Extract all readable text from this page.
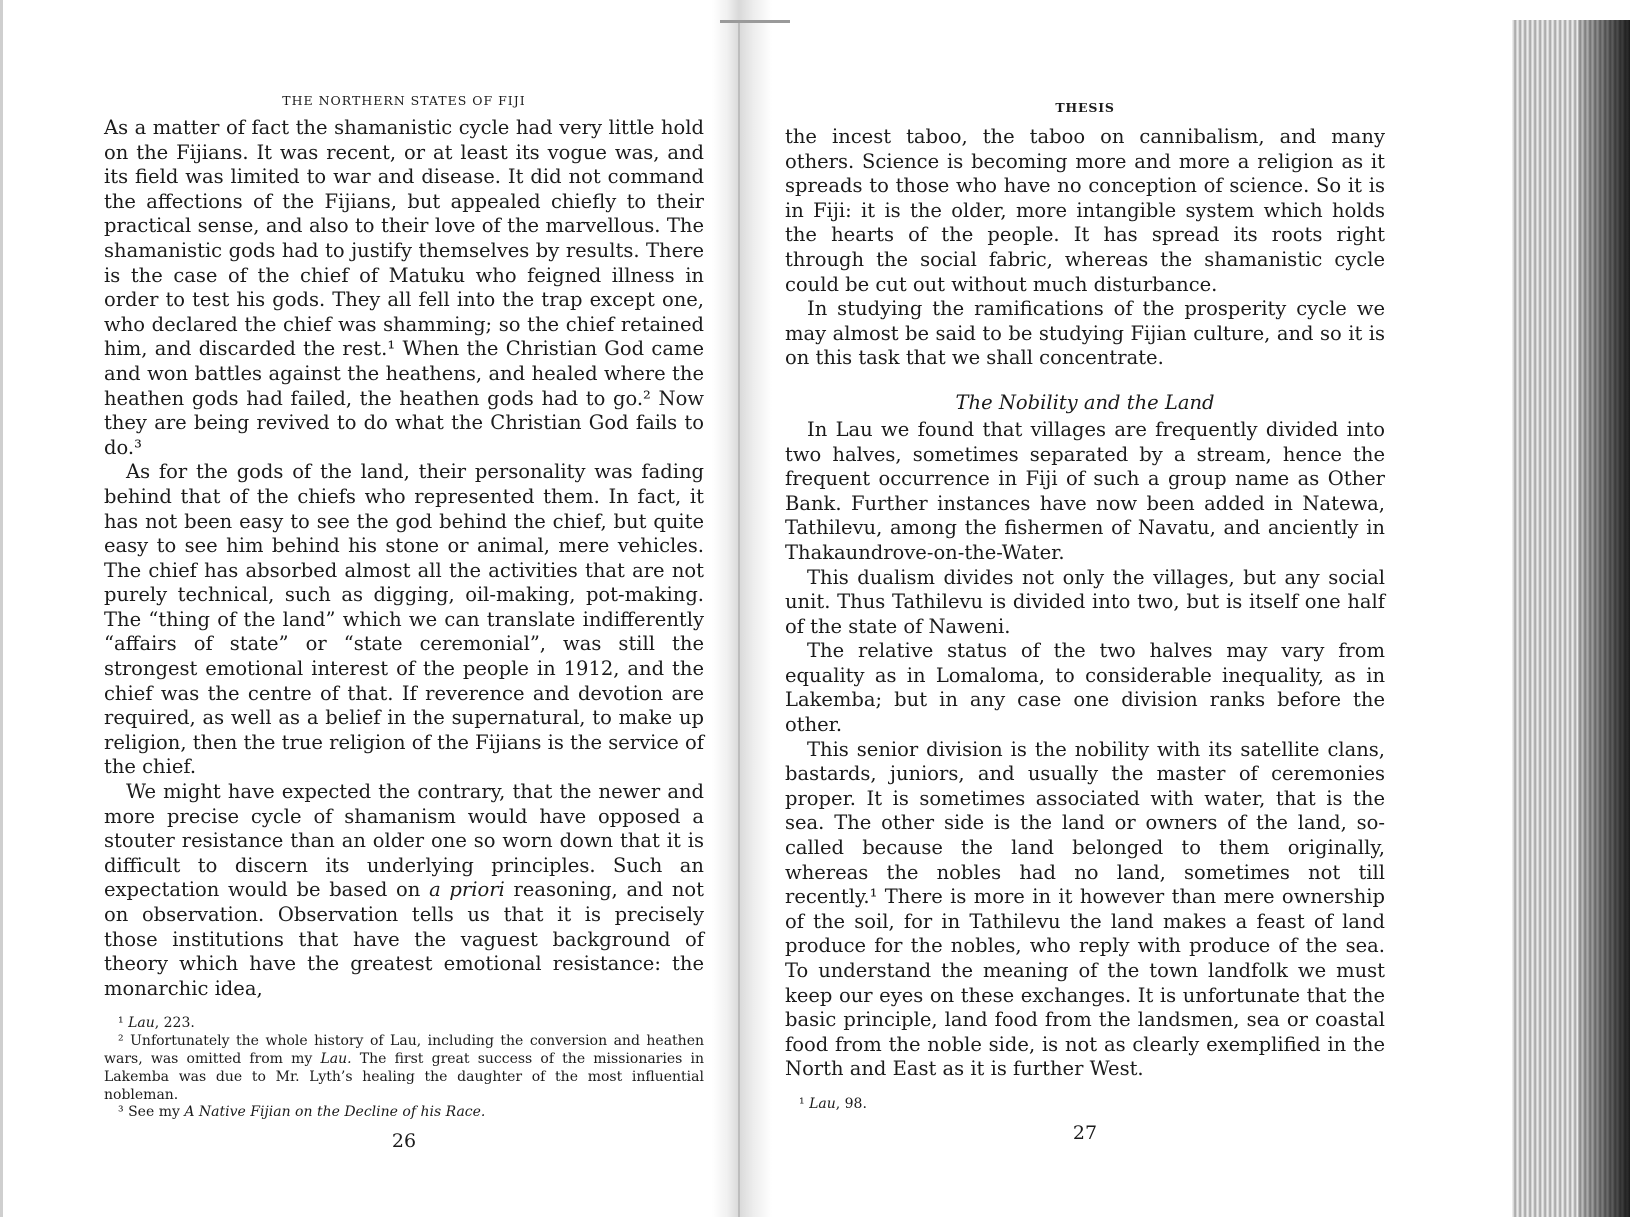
THE NORTHERN STATES OF FIJI

As a matter of fact the shamanistic cycle had very little hold on the Fijians. It was recent, or at least its vogue was, and its field was limited to war and disease. It did not command the affections of the Fijians, but appealed chiefly to their practical sense, and also to their love of the marvellous. The shamanistic gods had to justify themselves by results. There is the case of the chief of Matuku who feigned illness in order to test his gods. They all fell into the trap except one, who declared the chief was shamming; so the chief retained him, and discarded the rest.¹ When the Christian God came and won battles against the heathens, and healed where the heathen gods had failed, the heathen gods had to go.² Now they are being revived to do what the Christian God fails to do.³

As for the gods of the land, their personality was fading behind that of the chiefs who represented them. In fact, it has not been easy to see the god behind the chief, but quite easy to see him behind his stone or animal, mere vehicles. The chief has absorbed almost all the activities that are not purely technical, such as digging, oil-making, pot-making. The “thing of the land” which we can translate indifferently “affairs of state” or “state ceremonial”, was still the strongest emotional interest of the people in 1912, and the chief was the centre of that. If reverence and devotion are required, as well as a belief in the supernatural, to make up religion, then the true religion of the Fijians is the service of the chief.

We might have expected the contrary, that the newer and more precise cycle of shamanism would have opposed a stouter resistance than an older one so worn down that it is difficult to discern its underlying principles. Such an expectation would be based on a priori reasoning, and not on observation. Observation tells us that it is precisely those institutions that have the vaguest background of theory which have the greatest emotional resistance: the monarchic idea,

¹ Lau, 223.

² Unfortunately the whole history of Lau, including the conversion and heathen wars, was omitted from my Lau. The first great success of the missionaries in Lakemba was due to Mr. Lyth’s healing the daughter of the most influential nobleman.

³ See my A Native Fijian on the Decline of his Race.

26
THESIS

the incest taboo, the taboo on cannibalism, and many others. Science is becoming more and more a religion as it spreads to those who have no conception of science. So it is in Fiji: it is the older, more intangible system which holds the hearts of the people. It has spread its roots right through the social fabric, whereas the shamanistic cycle could be cut out without much disturbance.

In studying the ramifications of the prosperity cycle we may almost be said to be studying Fijian culture, and so it is on this task that we shall concentrate.

The Nobility and the Land

In Lau we found that villages are frequently divided into two halves, sometimes separated by a stream, hence the frequent occurrence in Fiji of such a group name as Other Bank. Further instances have now been added in Natewa, Tathilevu, among the fishermen of Navatu, and anciently in Thakaundrove-on-the-Water.

This dualism divides not only the villages, but any social unit. Thus Tathilevu is divided into two, but is itself one half of the state of Naweni.

The relative status of the two halves may vary from equality as in Lomaloma, to considerable inequality, as in Lakemba; but in any case one division ranks before the other.

This senior division is the nobility with its satellite clans, bastards, juniors, and usually the master of ceremonies proper. It is sometimes associated with water, that is the sea. The other side is the land or owners of the land, so-called because the land belonged to them originally, whereas the nobles had no land, sometimes not till recently.¹ There is more in it however than mere ownership of the soil, for in Tathilevu the land makes a feast of land produce for the nobles, who reply with produce of the sea. To understand the meaning of the town landfolk we must keep our eyes on these exchanges. It is unfortunate that the basic principle, land food from the landsmen, sea or coastal food from the noble side, is not as clearly exemplified in the North and East as it is further West.

¹ Lau, 98.

27
